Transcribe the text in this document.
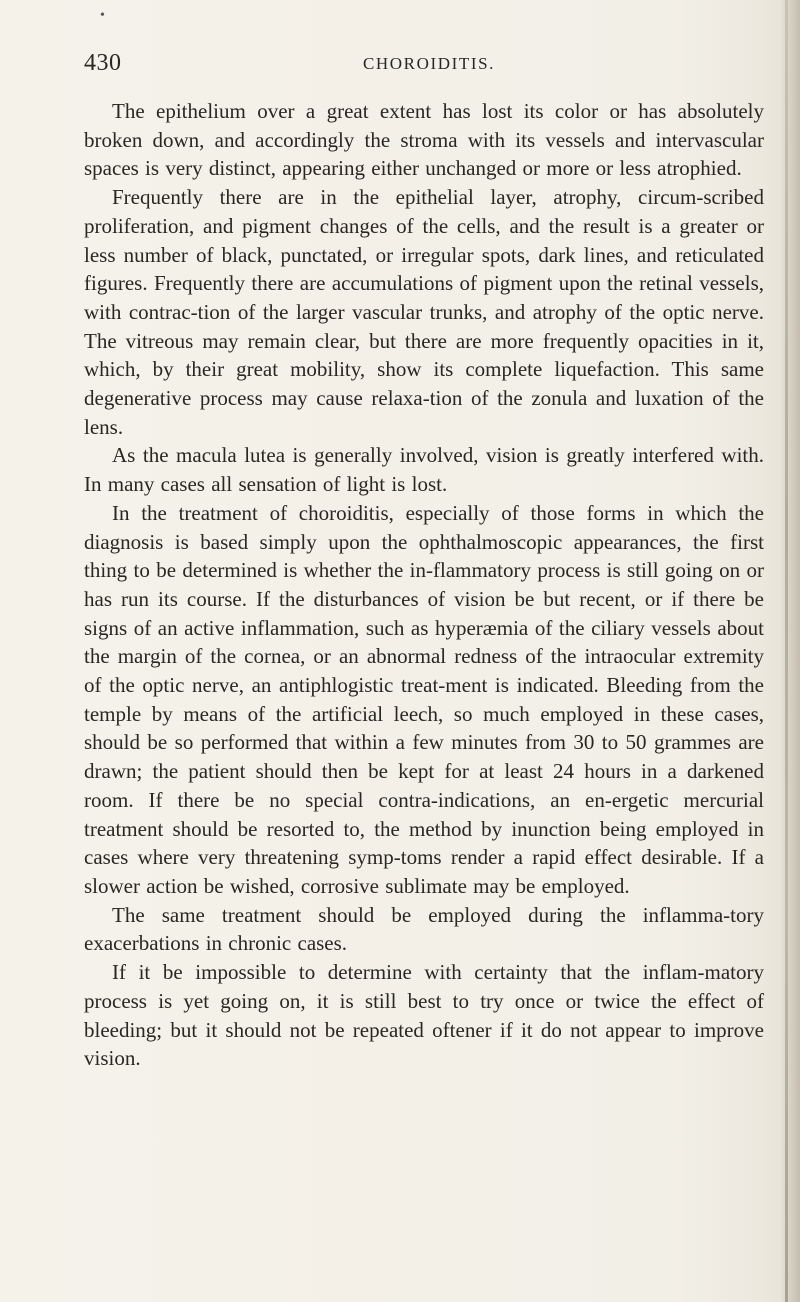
•
430	CHOROIDITIS.

The epithelium over a great extent has lost its color or has absolutely broken down, and accordingly the stroma with its vessels and intervascular spaces is very distinct, appearing either unchanged or more or less atrophied.

Frequently there are in the epithelial layer, atrophy, circum-scribed proliferation, and pigment changes of the cells, and the result is a greater or less number of black, punctated, or irregular spots, dark lines, and reticulated figures. Frequently there are accumulations of pigment upon the retinal vessels, with contrac-tion of the larger vascular trunks, and atrophy of the optic nerve. The vitreous may remain clear, but there are more frequently opacities in it, which, by their great mobility, show its complete liquefaction. This same degenerative process may cause relaxa-tion of the zonula and luxation of the lens.

As the macula lutea is generally involved, vision is greatly interfered with. In many cases all sensation of light is lost.

In the treatment of choroiditis, especially of those forms in which the diagnosis is based simply upon the ophthalmoscopic appearances, the first thing to be determined is whether the in-flammatory process is still going on or has run its course. If the disturbances of vision be but recent, or if there be signs of an active inflammation, such as hyperæmia of the ciliary vessels about the margin of the cornea, or an abnormal redness of the intraocular extremity of the optic nerve, an antiphlogistic treat-ment is indicated. Bleeding from the temple by means of the artificial leech, so much employed in these cases, should be so performed that within a few minutes from 30 to 50 grammes are drawn; the patient should then be kept for at least 24 hours in a darkened room. If there be no special contra-indications, an en-ergetic mercurial treatment should be resorted to, the method by inunction being employed in cases where very threatening symp-toms render a rapid effect desirable. If a slower action be wished, corrosive sublimate may be employed.

The same treatment should be employed during the inflamma-tory exacerbations in chronic cases.

If it be impossible to determine with certainty that the inflam-matory process is yet going on, it is still best to try once or twice the effect of bleeding; but it should not be repeated oftener if it do not appear to improve vision.
